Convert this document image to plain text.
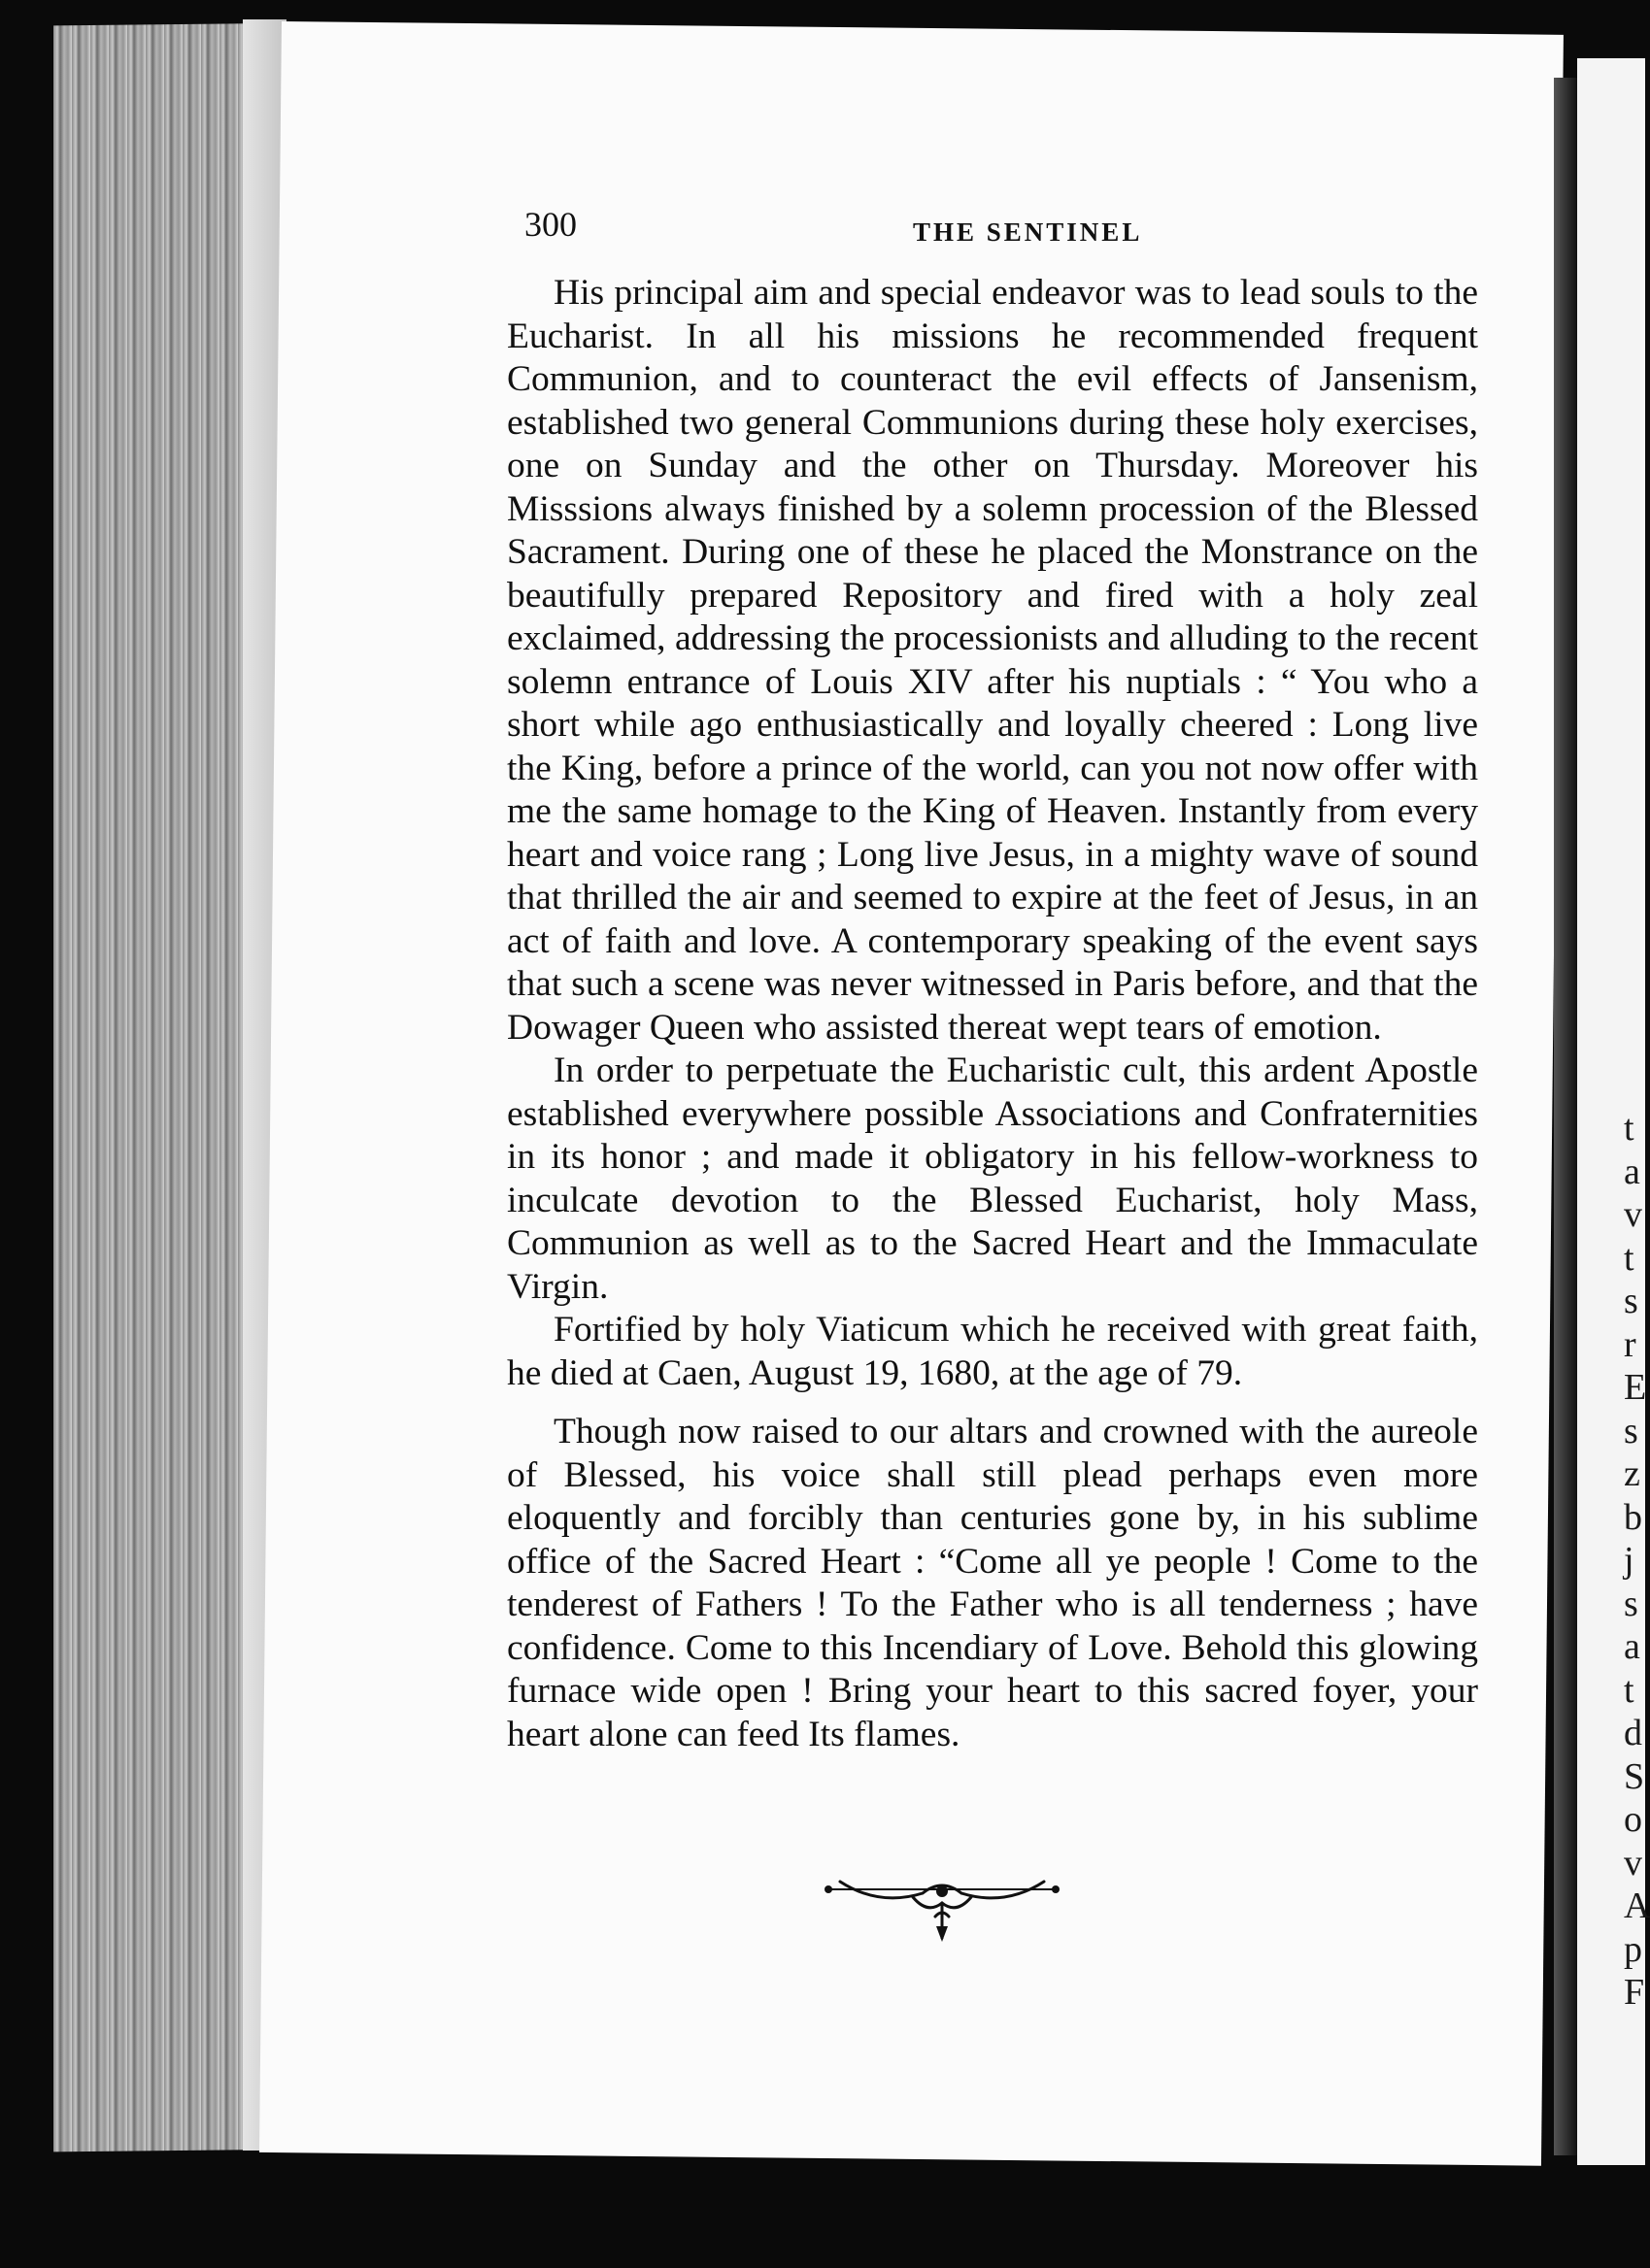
t
a
v
t
s
r
E
s
z
b
j
s
a
t
d
S
o
v
A
p
F
300	THE SENTINEL

His principal aim and special endeavor was to lead souls to the Eucharist. In all his missions he recommended frequent Communion, and to counteract the evil effects of Jansenism, established two general Communions during these holy exercises, one on Sunday and the other on Thursday. Moreover his Misssions always finished by a solemn procession of the Blessed Sacrament. During one of these he placed the Monstrance on the beautifully prepared Repository and fired with a holy zeal exclaimed, addressing the processionists and alluding to the recent solemn entrance of Louis XIV after his nuptials : “ You who a short while ago enthusiastically and loyally cheered : Long live the King, before a prince of the world, can you not now offer with me the same homage to the King of Heaven. Instantly from every heart and voice rang ; Long live Jesus, in a mighty wave of sound that thrilled the air and seemed to expire at the feet of Jesus, in an act of faith and love. A contemporary speaking of the event says that such a scene was never witnessed in Paris before, and that the Dowager Queen who assisted thereat wept tears of emotion.

In order to perpetuate the Eucharistic cult, this ardent Apostle established everywhere possible Associations and Confraternities in its honor ; and made it obligatory in his fellow-workness to inculcate devotion to the Blessed Eucharist, holy Mass, Communion as well as to the Sacred Heart and the Immaculate Virgin.

Fortified by holy Viaticum which he received with great faith, he died at Caen, August 19, 1680, at the age of 79.

Though now raised to our altars and crowned with the aureole of Blessed, his voice shall still plead perhaps even more eloquently and forcibly than centuries gone by, in his sublime office of the Sacred Heart : “Come all ye people ! Come to the tenderest of Fathers ! To the Father who is all tenderness ; have confidence. Come to this Incendiary of Love. Behold this glowing furnace wide open ! Bring your heart to this sacred foyer, your heart alone can feed Its flames.
